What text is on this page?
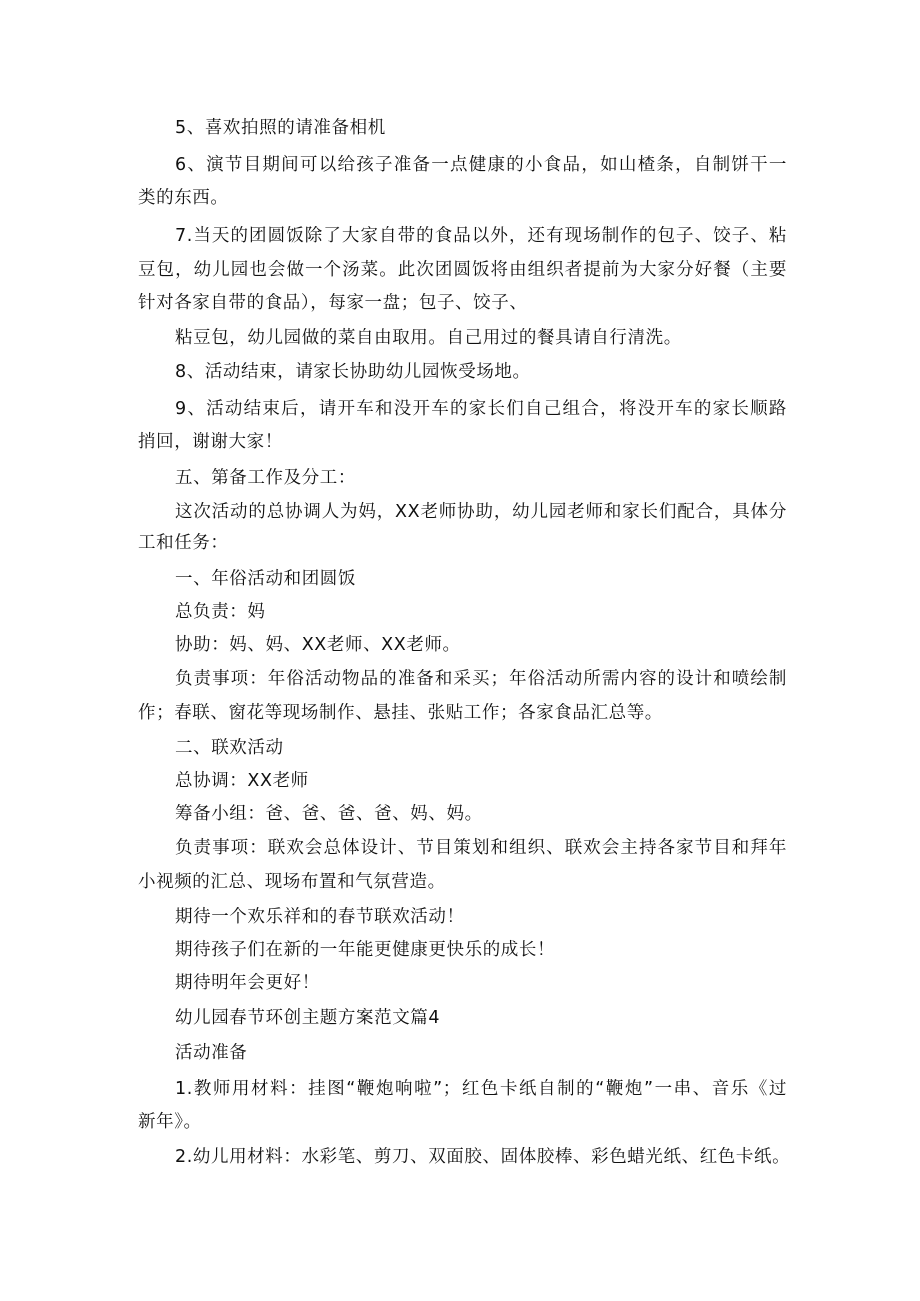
5、喜欢拍照的请准备相机
6、演节目期间可以给孩子准备一点健康的小食品，如山楂条，自制饼干一
类的东西。
7.当天的团圆饭除了大家自带的食品以外，还有现场制作的包子、饺子、粘
豆包，幼儿园也会做一个汤菜。此次团圆饭将由组织者提前为大家分好餐（主要
针对各家自带的食品），每家一盘；包子、饺子、
粘豆包，幼儿园做的菜自由取用。自己用过的餐具请自行清洗。
8、活动结束，请家长协助幼儿园恢受场地。
9、活动结束后，请开车和没开车的家长们自己组合，将没开车的家长顺路
捎回，谢谢大家！
五、第备工作及分工：
这次活动的总协调人为妈，XX老师协助，幼儿园老师和家长们配合，具体分
工和任务：
一、年俗活动和团圆饭
总负责：妈
协助：妈、妈、XX老师、XX老师。
负责事项：年俗活动物品的准备和采买；年俗活动所需内容的设计和喷绘制
作；春联、窗花等现场制作、悬挂、张贴工作；各家食品汇总等。
二、联欢活动
总协调：XX老师
筹备小组：爸、爸、爸、爸、妈、妈。
负责事项：联欢会总体设计、节目策划和组织、联欢会主持各家节目和拜年
小视频的汇总、现场布置和气氛营造。
期待一个欢乐祥和的春节联欢活动！
期待孩子们在新的一年能更健康更快乐的成长！
期待明年会更好！
幼儿园春节环创主题方案范文篇4
活动准备
1.教师用材料：挂图“鞭炮响啦”；红色卡纸自制的“鞭炮”一串、音乐《过
新年》。
2.幼儿用材料：水彩笔、剪刀、双面胶、固体胶棒、彩色蜡光纸、红色卡纸。
